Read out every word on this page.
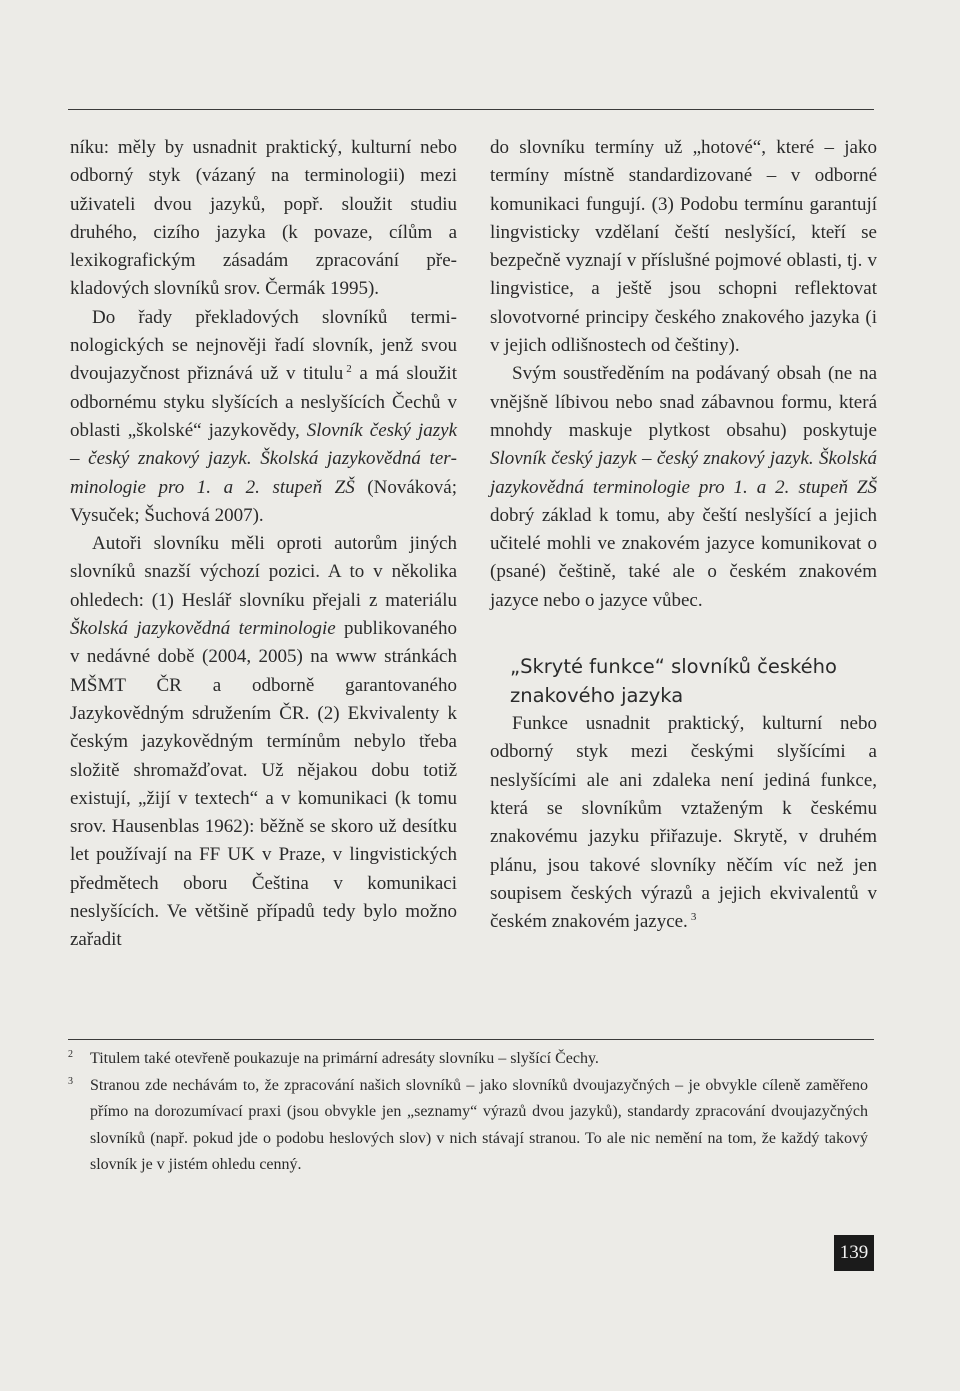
níku: měly by usnadnit praktický, kulturní nebo odborný styk (vázaný na terminologii) mezi uživateli dvou jazyků, popř. sloužit studiu druhého, cizího jazyka (k povaze, cílům a lexikografickým zásadám zpracování překladových slovníků srov. Čermák 1995).

Do řady překladových slovníků terminologických se nejnověji řadí slovník, jenž svou dvoujazyčnost přiznává už v titulu $^2$ a má sloužit odbornému styku slyšících a neslyšících Čechů v oblasti „školské“ jazykovědy, Slovník český jazyk – český znakový jazyk. Školská jazykovědná terminologie pro 1. a 2. stupeň ZŠ (Nováková; Vysuček; Šuchová 2007).

Autoři slovníku měli oproti autorům jiných slovníků snazší výchozí pozici. A to v několika ohledech: (1) Heslář slovníku přejali z materiálu Školská jazykovědná terminologie publikovaného v nedávné době (2004, 2005) na www stránkách MŠMT ČR a odborně garantovaného Jazykovědným sdružením ČR. (2) Ekvivalenty k českým jazykovědným termínům nebylo třeba složitě shromažďovat. Už nějakou dobu totiž existují, „žijí v textech“ a v komunikaci (k tomu srov. Hausenblas 1962): běžně se skoro už desítku let používají na FF UK v Praze, v lingvistických předmětech oboru Čeština v komunikaci neslyšících. Ve většině případů tedy bylo možno zařadit

do slovníku termíny už „hotové“, které – jako termíny místně standardizované – v odborné komunikaci fungují. (3) Podobu termínu garantují lingvisticky vzdělaní čeští neslyšící, kteří se bezpečně vyznají v příslušné pojmové oblasti, tj. v lingvistice, a ještě jsou schopni reflektovat slovotvorné principy českého znakového jazyka (i v jejich odlišnostech od češtiny).

Svým soustředěním na podávaný obsah (ne na vnějšně líbivou nebo snad zábavnou formu, která mnohdy maskuje plytkost obsahu) poskytuje Slovník český jazyk – český znakový jazyk. Školská jazykovědná terminologie pro 1. a 2. stupeň ZŠ dobrý základ k tomu, aby čeští neslyšící a jejich učitelé mohli ve znakovém jazyce komunikovat o (psané) češtině, také ale o českém znakovém jazyce nebo o jazyce vůbec.

„Skryté funkce“ slovníků českého znakového jazyka

Funkce usnadnit praktický, kulturní nebo odborný styk mezi českými slyšícími a neslyšícími ale ani zdaleka není jediná funkce, která se slovníkům vztaženým k českému znakovému jazyku přiřazuje. Skrytě, v druhém plánu, jsou takové slovníky něčím víc než jen soupisem českých výrazů a jejich ekvivalentů v českém znakovém jazyce. $^3$

2 Titulem také otevřeně poukazuje na primární adresáty slovníku – slyšící Čechy.

3 Stranou zde nechávám to, že zpracování našich slovníků – jako slovníků dvoujazyčných – je obvykle cíleně zaměřeno přímo na dorozumívací praxi (jsou obvykle jen „seznamy“ výrazů dvou jazyků), standardy zpracování dvoujazyčných slovníků (např. pokud jde o podobu heslových slov) v nich stávají stranou. To ale nic nemění na tom, že každý takový slovník je v jistém ohledu cenný.

139
